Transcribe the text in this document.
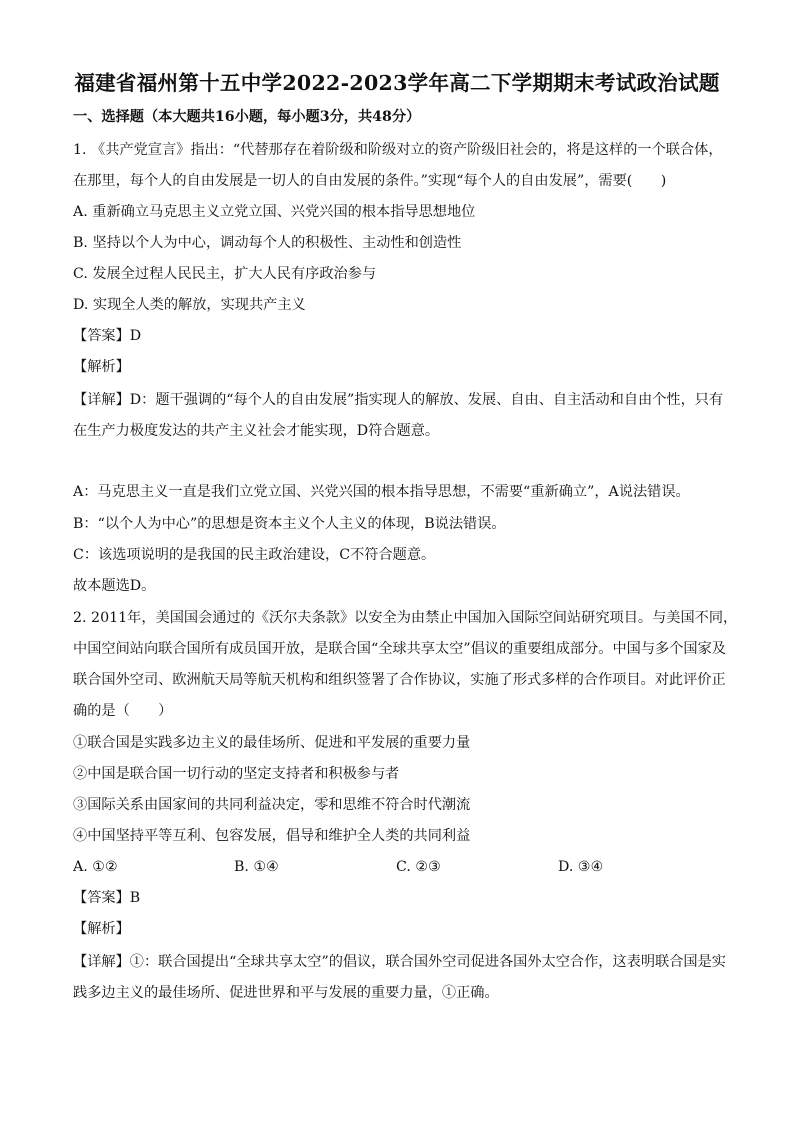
福建省福州第十五中学2022-2023学年高二下学期期末考试政治试题
一、选择题（本大题共16小题，每小题3分，共48分）
1. 《共产党宣言》指出：“代替那存在着阶级和阶级对立的资产阶级旧社会的，将是这样的一个联合体，
在那里，每个人的自由发展是一切人的自由发展的条件。”实现“每个人的自由发展”，需要(　　)
A. 重新确立马克思主义立党立国、兴党兴国的根本指导思想地位
B. 坚持以个人为中心，调动每个人的积极性、主动性和创造性
C. 发展全过程人民民主，扩大人民有序政治参与
D. 实现全人类的解放，实现共产主义
【答案】D
【解析】
【详解】D：题干强调的“每个人的自由发展”指实现人的解放、发展、自由、自主活动和自由个性，只有
在生产力极度发达的共产主义社会才能实现，D符合题意。
A：马克思主义一直是我们立党立国、兴党兴国的根本指导思想，不需要“重新确立”，A说法错误。
B：“以个人为中心”的思想是资本主义个人主义的体现，B说法错误。
C：该选项说明的是我国的民主政治建设，C不符合题意。
故本题选D。
2. 2011年，美国国会通过的《沃尔夫条款》以安全为由禁止中国加入国际空间站研究项目。与美国不同，
中国空间站向联合国所有成员国开放，是联合国“全球共享太空”倡议的重要组成部分。中国与多个国家及
联合国外空司、欧洲航天局等航天机构和组织签署了合作协议，实施了形式多样的合作项目。对此评价正
确的是（　　）
①联合国是实践多边主义的最佳场所、促进和平发展的重要力量
②中国是联合国一切行动的坚定支持者和积极参与者
③国际关系由国家间的共同利益决定，零和思维不符合时代潮流
④中国坚持平等互利、包容发展，倡导和维护全人类的共同利益
A. ①②	B. ①④	C. ②③	D. ③④
【答案】B
【解析】
【详解】①：联合国提出“全球共享太空”的倡议，联合国外空司促进各国外太空合作，这表明联合国是实
践多边主义的最佳场所、促进世界和平与发展的重要力量，①正确。
